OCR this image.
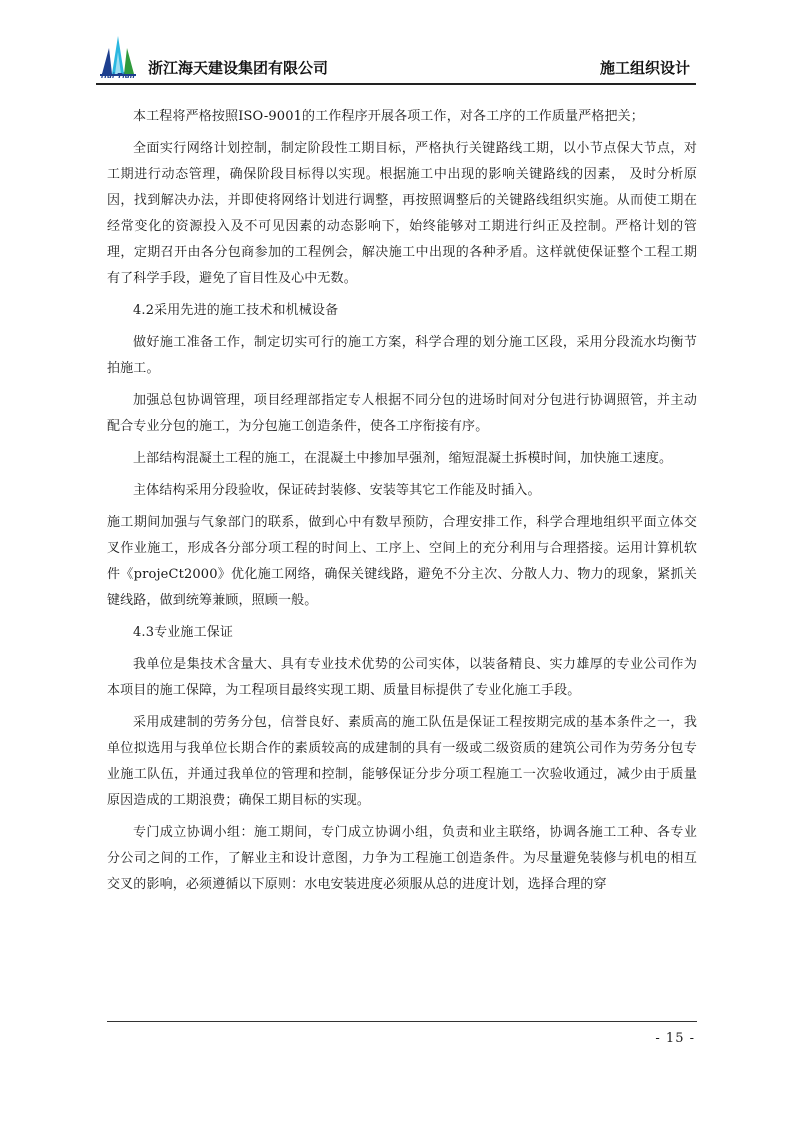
Hai Tian 浙江海天建设集团有限公司	施工组织设计

本工程将严格按照ISO-9001的工作程序开展各项工作，对各工序的工作质量严格把关；

全面实行网络计划控制，制定阶段性工期目标，严格执行关键路线工期，以小节点保大节点，对工期进行动态管理，确保阶段目标得以实现。根据施工中出现的影响关键路线的因素， 及时分析原因，找到解决办法，并即使将网络计划进行调整，再按照调整后的关键路线组织实施。从而使工期在经常变化的资源投入及不可见因素的动态影响下，始终能够对工期进行纠正及控制。严格计划的管理，定期召开由各分包商参加的工程例会，解决施工中出现的各种矛盾。这样就使保证整个工程工期有了科学手段，避免了盲目性及心中无数。

4.2采用先进的施工技术和机械设备

做好施工准备工作，制定切实可行的施工方案，科学合理的划分施工区段，采用分段流水均衡节拍施工。

加强总包协调管理，项目经理部指定专人根据不同分包的进场时间对分包进行协调照管，并主动配合专业分包的施工，为分包施工创造条件，使各工序衔接有序。

上部结构混凝土工程的施工，在混凝土中掺加早强剂，缩短混凝土拆模时间，加快施工速度。

主体结构采用分段验收，保证砖封装修、安装等其它工作能及时插入。

施工期间加强与气象部门的联系，做到心中有数早预防，合理安排工作，科学合理地组织平面立体交叉作业施工，形成各分部分项工程的时间上、工序上、空间上的充分利用与合理搭接。运用计算机软件《projeCt2000》优化施工网络，确保关键线路，避免不分主次、分散人力、物力的现象，紧抓关键线路，做到统筹兼顾，照顾一般。

4.3专业施工保证

我单位是集技术含量大、具有专业技术优势的公司实体，以装备精良、实力雄厚的专业公司作为本项目的施工保障，为工程项目最终实现工期、质量目标提供了专业化施工手段。

采用成建制的劳务分包，信誉良好、素质高的施工队伍是保证工程按期完成的基本条件之一，我单位拟选用与我单位长期合作的素质较高的成建制的具有一级或二级资质的建筑公司作为劳务分包专业施工队伍，并通过我单位的管理和控制，能够保证分步分项工程施工一次验收通过，减少由于质量原因造成的工期浪费；确保工期目标的实现。

专门成立协调小组：施工期间，专门成立协调小组，负责和业主联络，协调各施工工种、各专业分公司之间的工作，了解业主和设计意图，力争为工程施工创造条件。为尽量避免装修与机电的相互交叉的影响，必须遵循以下原则：水电安装进度必须服从总的进度计划，选择合理的穿

- 15 -
